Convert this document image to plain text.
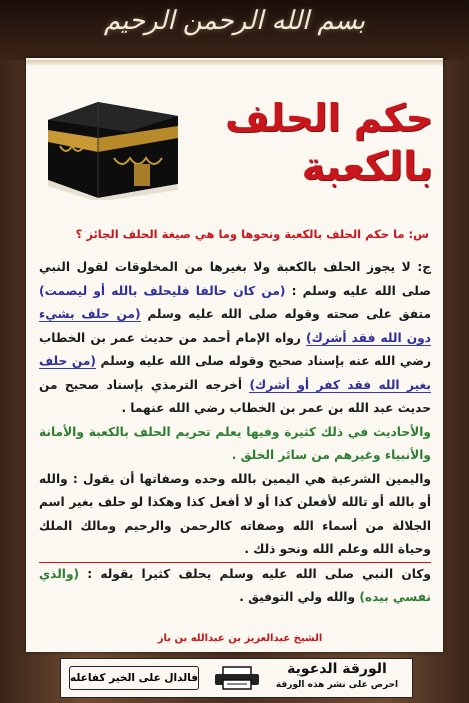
بسم الله الرحمن الرحيم
حكم الحلف
بالكعبة
س: ما حكم الحلف بالكعبة ونحوها وما هي صيغة الحلف الجائز ؟

ج: لا يجوز الحلف بالكعبة ولا بغيرها من المخلوقات لقول النبي صلى الله عليه وسلم : (من كان حالفا فليحلف بالله أو ليصمت) متفق على صحته وقوله صلى الله عليه وسلم (من حلف بشيء دون الله فقد أشرك) رواه الإمام أحمد من حديث عمر بن الخطاب رضي الله عنه بإسناد صحيح وقوله صلى الله عليه وسلم (من حلف بغير الله فقد كفر أو أشرك) أخرجه الترمذي بإسناد صحيح من حديث عبد الله بن عمر بن الخطاب رضي الله عنهما .

والأحاديث في ذلك كثيرة وفيها يعلم تحريم الحلف بالكعبة والأمانة والأنبياء وغيرهم من سائر الخلق .

واليمين الشرعية هي اليمين بالله وحده وصفاتها أن يقول : والله أو بالله أو تالله لأفعلن كذا أو لا أفعل كذا وهكذا لو حلف بغير اسم الجلالة من أسماء الله وصفاته كالرحمن والرحيم ومالك الملك وحياة الله وعلم الله ونحو ذلك .

وكان النبي صلى الله عليه وسلم يحلف كثيرا بقوله : (والذي نفسي بيده) والله ولي التوفيق .

الشيخ عبدالعزيز بن عبدالله بن باز
الورقة الدعوية
احرص على نشر هذه الورقة
فالدال على الخير كفاعله
